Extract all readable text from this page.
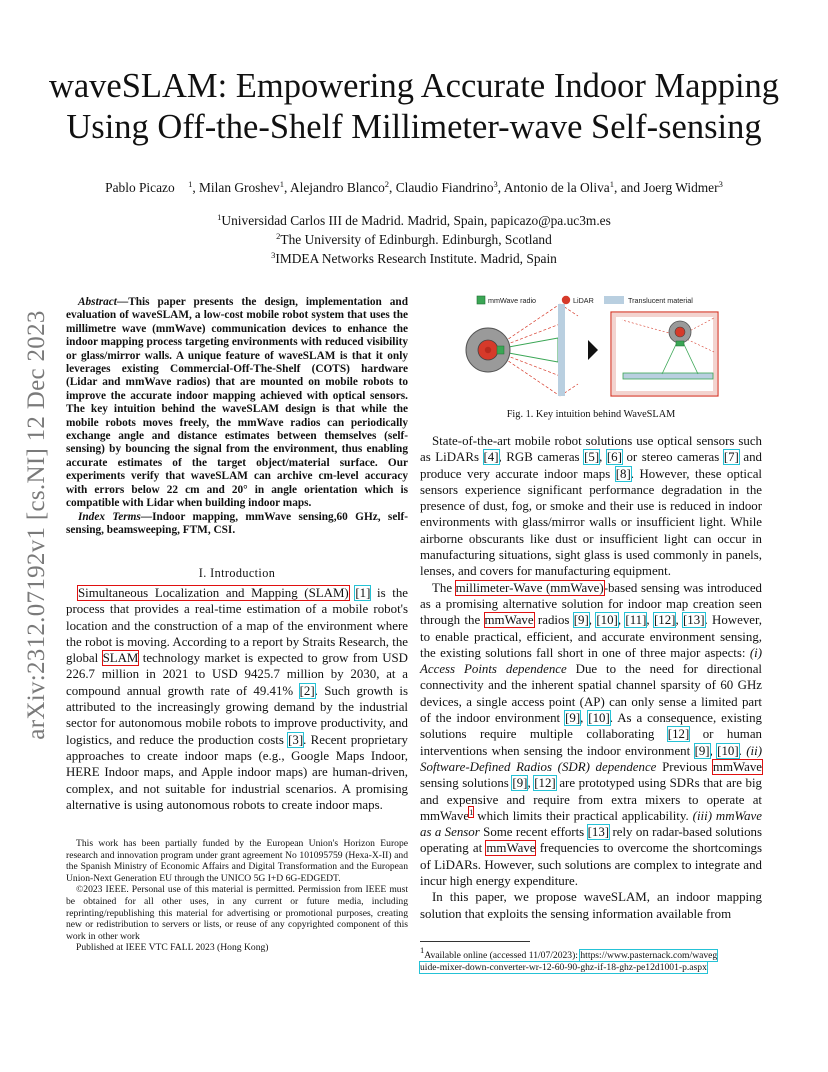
arXiv:2312.07192v1 [cs.NI] 12 Dec 2023
waveSLAM: Empowering Accurate Indoor Mapping
Using Off-the-Shelf Millimeter-wave Self-sensing
Pablo Picazo $^1$, Milan Groshev$^1$, Alejandro Blanco$^2$, Claudio Fiandrino$^3$, Antonio de la Oliva$^1$, and Joerg Widmer$^3$
$^1$Universidad Carlos III de Madrid. Madrid, Spain, papicazo@pa.uc3m.es
$^2$The University of Edinburgh. Edinburgh, Scotland
$^3$IMDEA Networks Research Institute. Madrid, Spain

Abstract—This paper presents the design, implementation and evaluation of waveSLAM, a low-cost mobile robot system that uses the millimetre wave (mmWave) communication devices to enhance the indoor mapping process targeting environments with reduced visibility or glass/mirror walls. A unique feature of waveSLAM is that it only leverages existing Commercial-Off-The-Shelf (COTS) hardware (Lidar and mmWave radios) that are mounted on mobile robots to improve the accurate indoor mapping achieved with optical sensors. The key intuition behind the waveSLAM design is that while the mobile robots moves freely, the mmWave radios can periodically exchange angle and distance estimates between themselves (self-sensing) by bouncing the signal from the environment, thus enabling accurate estimates of the target object/material surface. Our experiments verify that waveSLAM can archive cm-level accuracy with errors below 22 cm and 20° in angle orientation which is compatible with Lidar when building indoor maps.

Index Terms—Indoor mapping, mmWave sensing,60 GHz, self-sensing, beamsweeping, FTM, CSI.

I. Introduction

Simultaneous Localization and Mapping (SLAM) [1] is the process that provides a real-time estimation of a mobile robot's location and the construction of a map of the environment where the robot is moving. According to a report by Straits Research, the global SLAM technology market is expected to grow from USD 226.7 million in 2021 to USD 9425.7 million by 2030, at a compound annual growth rate of 49.41% [2]. Such growth is attributed to the increasingly growing demand by the industrial sector for autonomous mobile robots to improve productivity, and logistics, and reduce the production costs [3]. Recent proprietary approaches to create indoor maps (e.g., Google Maps Indoor, HERE Indoor maps, and Apple indoor maps) are human-driven, complex, and not suitable for industrial scenarios. A promising alternative is using autonomous robots to create indoor maps.

This work has been partially funded by the European Union's Horizon Europe research and innovation program under grant agreement No 101095759 (Hexa-X-II) and the Spanish Ministry of Economic Affairs and Digital Transformation and the European Union-Next Generation EU through the UNICO 5G I+D 6G-EDGEDT.

©2023 IEEE. Personal use of this material is permitted. Permission from IEEE must be obtained for all other uses, in any current or future media, including reprinting/republishing this material for advertising or promotional purposes, creating new or redistribution to servers or lists, or reuse of any copyrighted component of this work in other work

Published at IEEE VTC FALL 2023 (Hong Kong)

mmWave radio	LiDAR	Translucent material
Fig. 1. Key intuition behind WaveSLAM

State-of-the-art mobile robot solutions use optical sensors such as LiDARs [4], RGB cameras [5], [6] or stereo cameras [7] and produce very accurate indoor maps [8]. However, these optical sensors experience significant performance degradation in the presence of dust, fog, or smoke and their use is reduced in indoor environments with glass/mirror walls or insufficient light. While airborne obscurants like dust or insufficient light can occur in manufacturing situations, sight glass is used commonly in panels, lenses, and covers for manufacturing equipment.

The millimeter-Wave (mmWave)-based sensing was introduced as a promising alternative solution for indoor map creation seen through the mmWave radios [9], [10], [11], [12], [13]. However, to enable practical, efficient, and accurate environment sensing, the existing solutions fall short in one of three major aspects: (i) Access Points dependence Due to the need for directional connectivity and the inherent spatial channel sparsity of 60 GHz devices, a single access point (AP) can only sense a limited part of the indoor environment [9], [10]. As a consequence, existing solutions require multiple collaborating [12] or human interventions when sensing the indoor environment [9], [10]. (ii) Software-Defined Radios (SDR) dependence Previous mmWave sensing solutions [9], [12] are prototyped using SDRs that are big and expensive and require from extra mixers to operate at mmWave$^1$ which limits their practical applicability. (iii) mmWave as a Sensor Some recent efforts [13] rely on radar-based solutions operating at mmWave frequencies to overcome the shortcomings of LiDARs. However, such solutions are complex to integrate and incur high energy expenditure.

In this paper, we propose waveSLAM, an indoor mapping solution that exploits the sensing information available from

$^1$Available online (accessed 11/07/2023): https://www.pasternack.com/waveg
uide-mixer-down-converter-wr-12-60-90-ghz-if-18-ghz-pe12d1001-p.aspx
